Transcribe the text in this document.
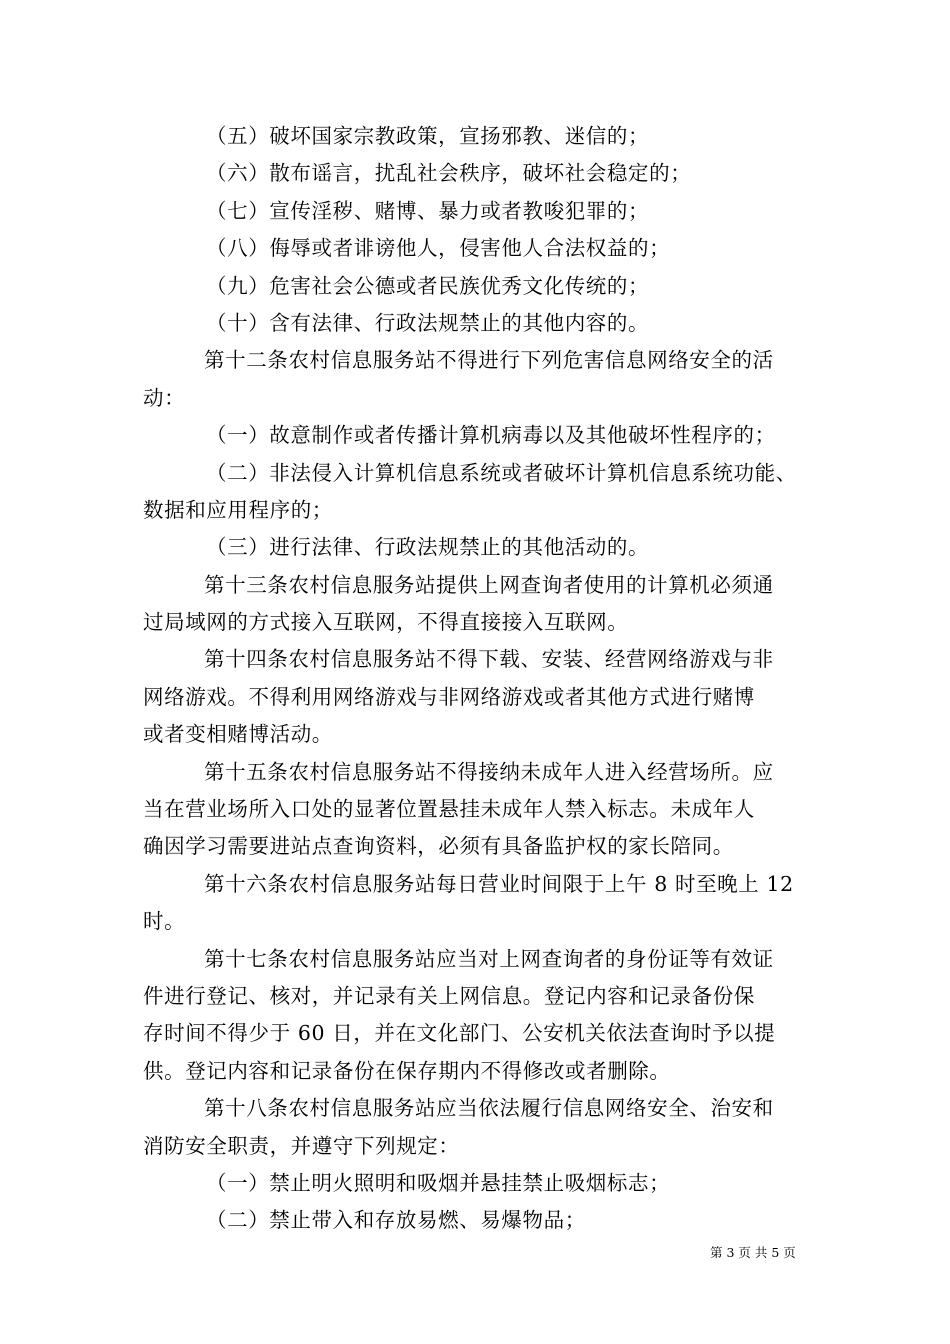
（五）破坏国家宗教政策，宣扬邪教、迷信的；
（六）散布谣言，扰乱社会秩序，破坏社会稳定的；
（七）宣传淫秽、赌博、暴力或者教唆犯罪的；
（八）侮辱或者诽谤他人，侵害他人合法权益的；
（九）危害社会公德或者民族优秀文化传统的；
（十）含有法律、行政法规禁止的其他内容的。
第十二条农村信息服务站不得进行下列危害信息网络安全的活
动：
（一）故意制作或者传播计算机病毒以及其他破坏性程序的；
（二）非法侵入计算机信息系统或者破坏计算机信息系统功能、
数据和应用程序的；
（三）进行法律、行政法规禁止的其他活动的。
第十三条农村信息服务站提供上网查询者使用的计算机必须通
过局域网的方式接入互联网，不得直接接入互联网。
第十四条农村信息服务站不得下载、安装、经营网络游戏与非
网络游戏。不得利用网络游戏与非网络游戏或者其他方式进行赌博
或者变相赌博活动。
第十五条农村信息服务站不得接纳未成年人进入经营场所。应
当在营业场所入口处的显著位置悬挂未成年人禁入标志。未成年人
确因学习需要进站点查询资料，必须有具备监护权的家长陪同。
第十六条农村信息服务站每日营业时间限于上午 8 时至晚上 12
时。
第十七条农村信息服务站应当对上网查询者的身份证等有效证
件进行登记、核对，并记录有关上网信息。登记内容和记录备份保
存时间不得少于 60 日，并在文化部门、公安机关依法查询时予以提
供。登记内容和记录备份在保存期内不得修改或者删除。
第十八条农村信息服务站应当依法履行信息网络安全、治安和
消防安全职责，并遵守下列规定：
（一）禁止明火照明和吸烟并悬挂禁止吸烟标志；
（二）禁止带入和存放易燃、易爆物品；
第 3 页 共 5 页
